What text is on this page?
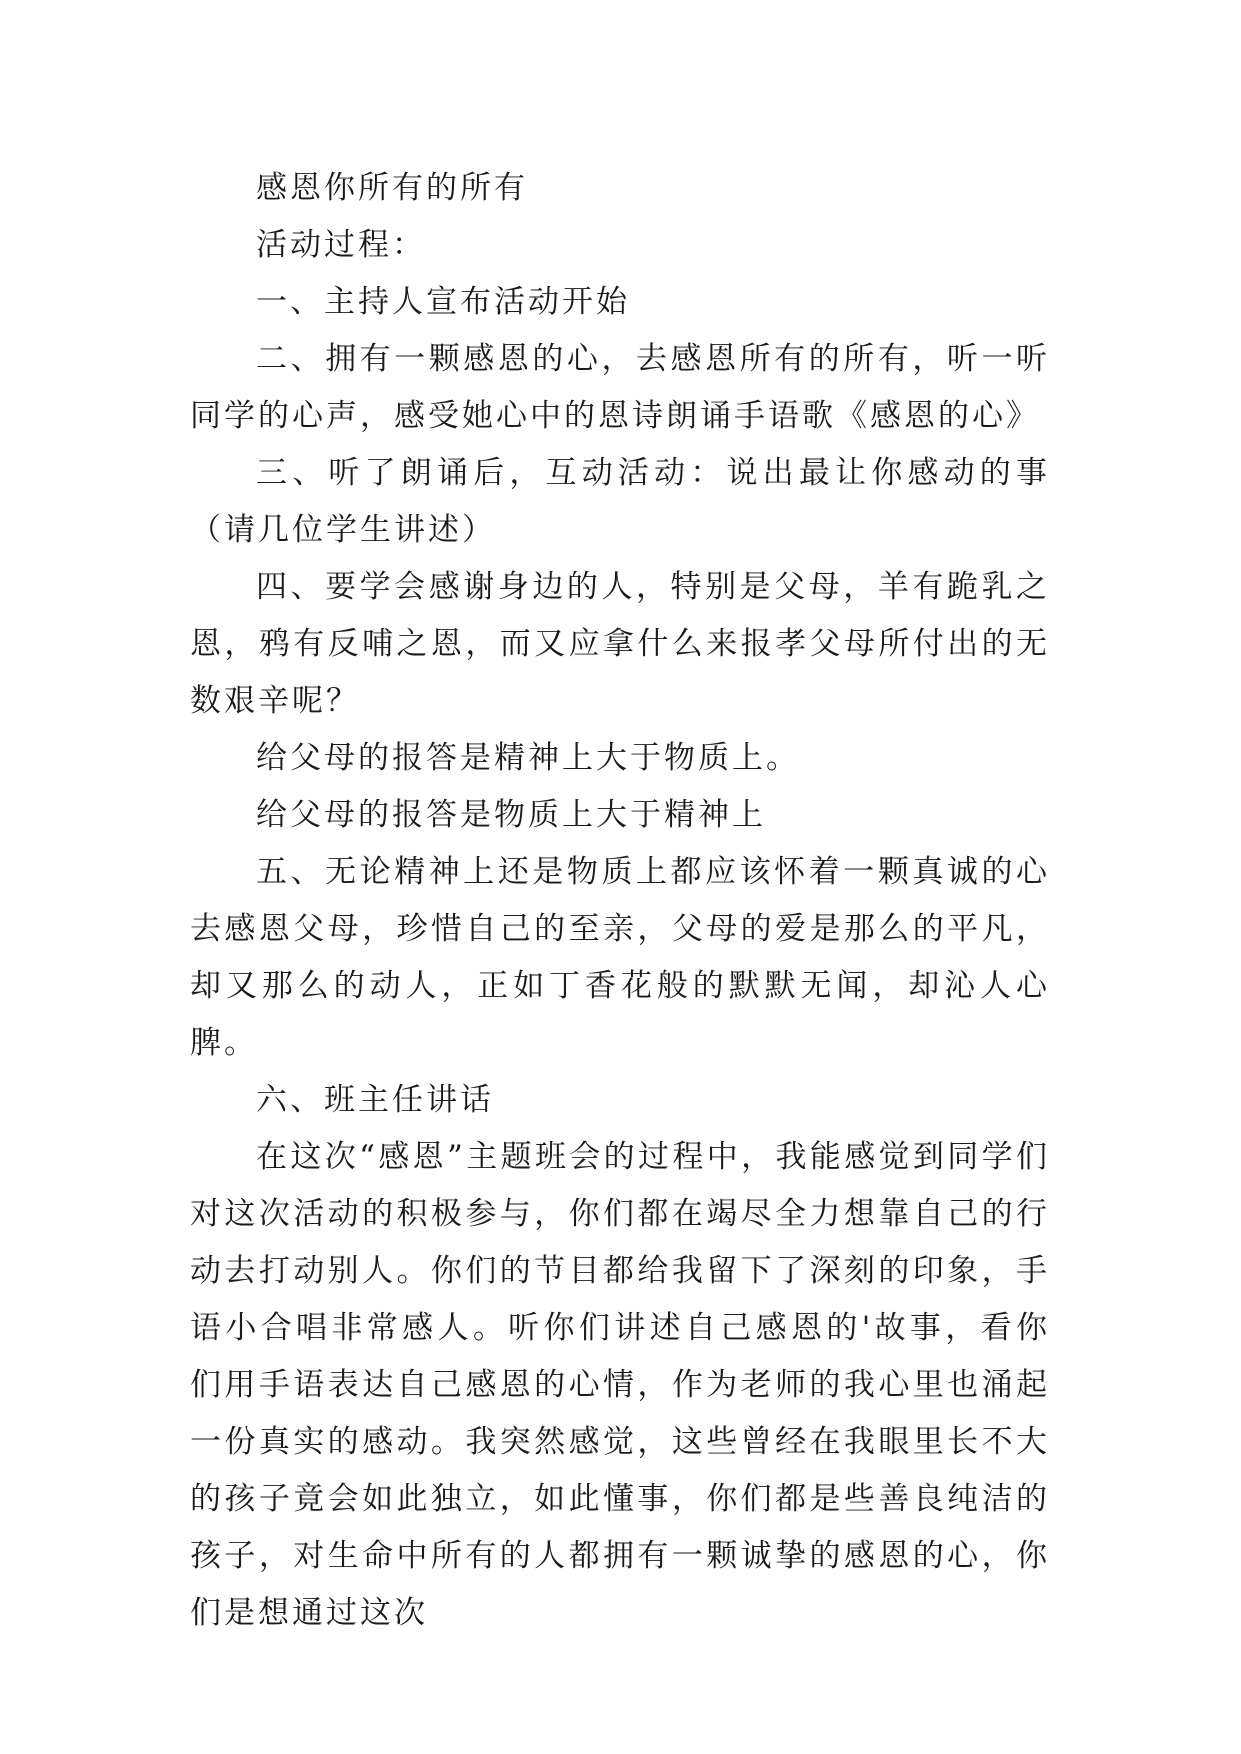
感恩你所有的所有

活动过程：

一、主持人宣布活动开始

二、拥有一颗感恩的心，去感恩所有的所有，听一听同学的心声，感受她心中的恩诗朗诵手语歌《感恩的心》

三、听了朗诵后，互动活动：说出最让你感动的事（请几位学生讲述）

四、要学会感谢身边的人，特别是父母，羊有跪乳之恩，鸦有反哺之恩，而又应拿什么来报孝父母所付出的无数艰辛呢？

给父母的报答是精神上大于物质上。

给父母的报答是物质上大于精神上

五、无论精神上还是物质上都应该怀着一颗真诚的心去感恩父母，珍惜自己的至亲，父母的爱是那么的平凡，却又那么的动人，正如丁香花般的默默无闻，却沁人心脾。

六、班主任讲话

在这次“感恩”主题班会的过程中，我能感觉到同学们对这次活动的积极参与，你们都在竭尽全力想靠自己的行动去打动别人。你们的节目都给我留下了深刻的印象，手语小合唱非常感人。听你们讲述自己感恩的'故事，看你们用手语表达自己感恩的心情，作为老师的我心里也涌起一份真实的感动。我突然感觉，这些曾经在我眼里长不大的孩子竟会如此独立，如此懂事，你们都是些善良纯洁的孩子，对生命中所有的人都拥有一颗诚挚的感恩的心，你们是想通过这次
